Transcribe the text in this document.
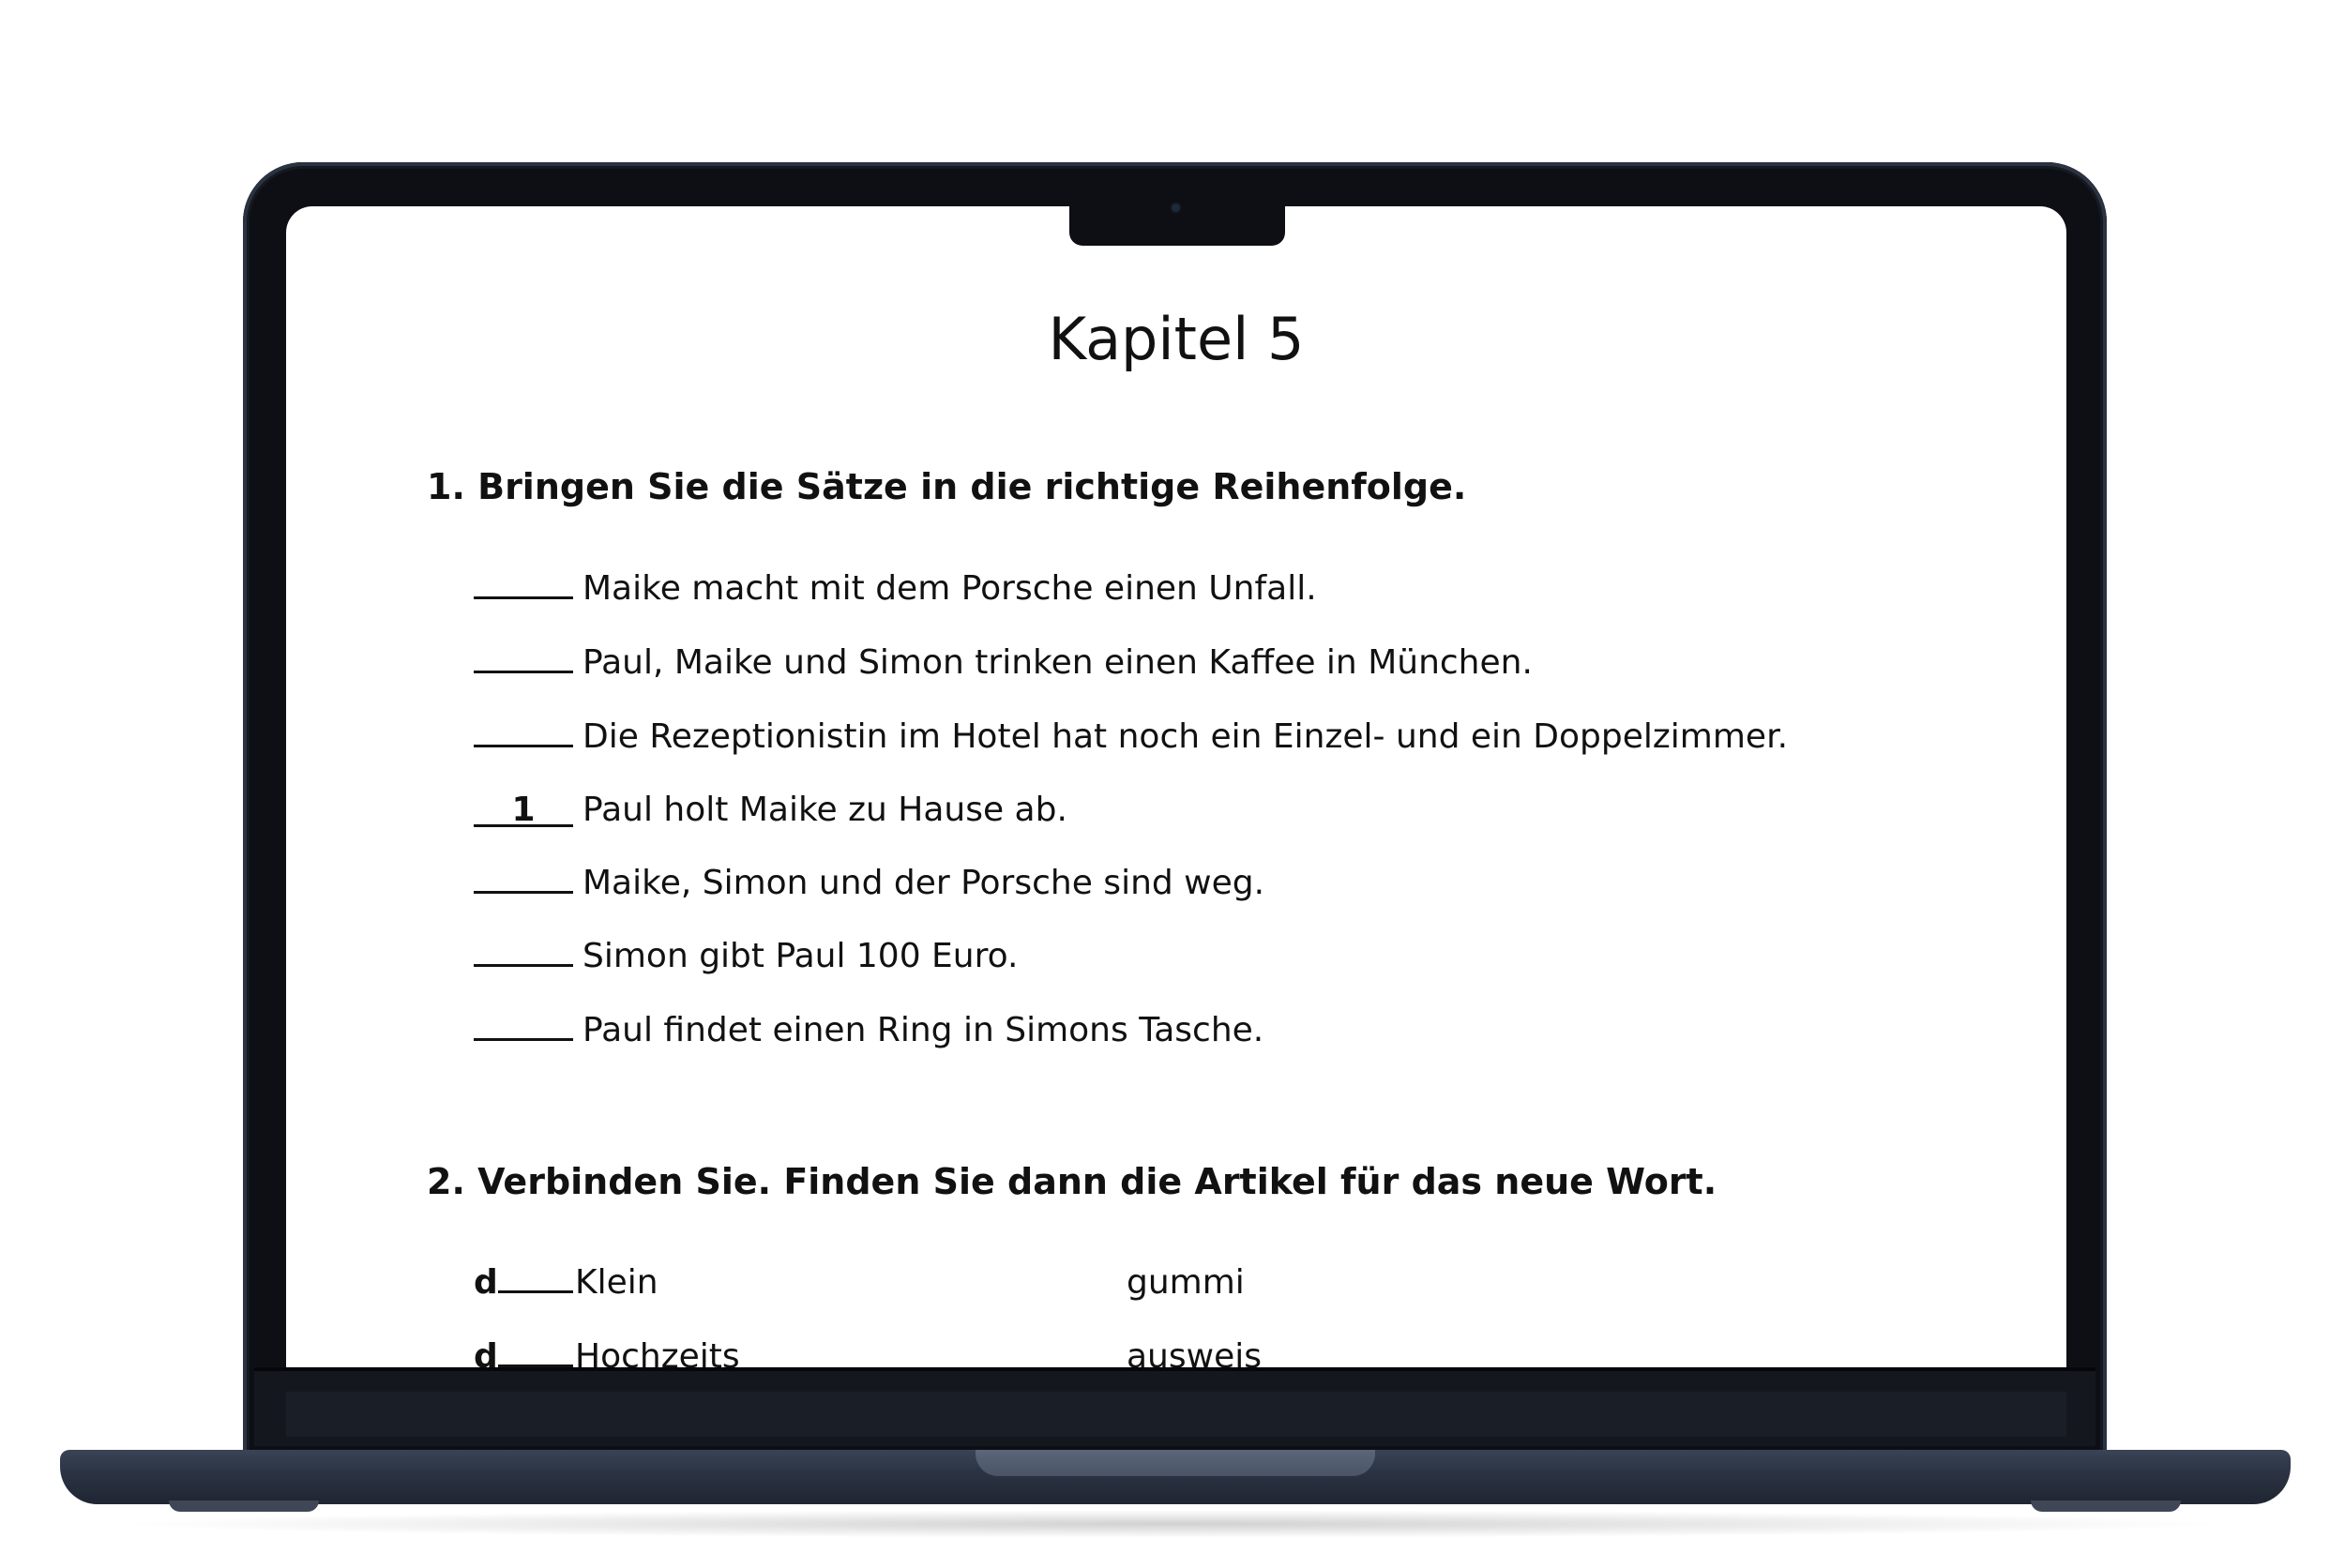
Kapitel 5
1. Bringen Sie die Sätze in die richtige Reihenfolge.
Maike macht mit dem Porsche einen Unfall.
Paul, Maike und Simon trinken einen Kaffee in München.
Die Rezeptionistin im Hotel hat noch ein Einzel- und ein Doppelzimmer.
1 Paul holt Maike zu Hause ab.
Maike, Simon und der Porsche sind weg.
Simon gibt Paul 100 Euro.
Paul findet einen Ring in Simons Tasche.
2. Verbinden Sie. Finden Sie dann die Artikel für das neue Wort.
d Klein	gummi
d Hochzeits	ausweis
